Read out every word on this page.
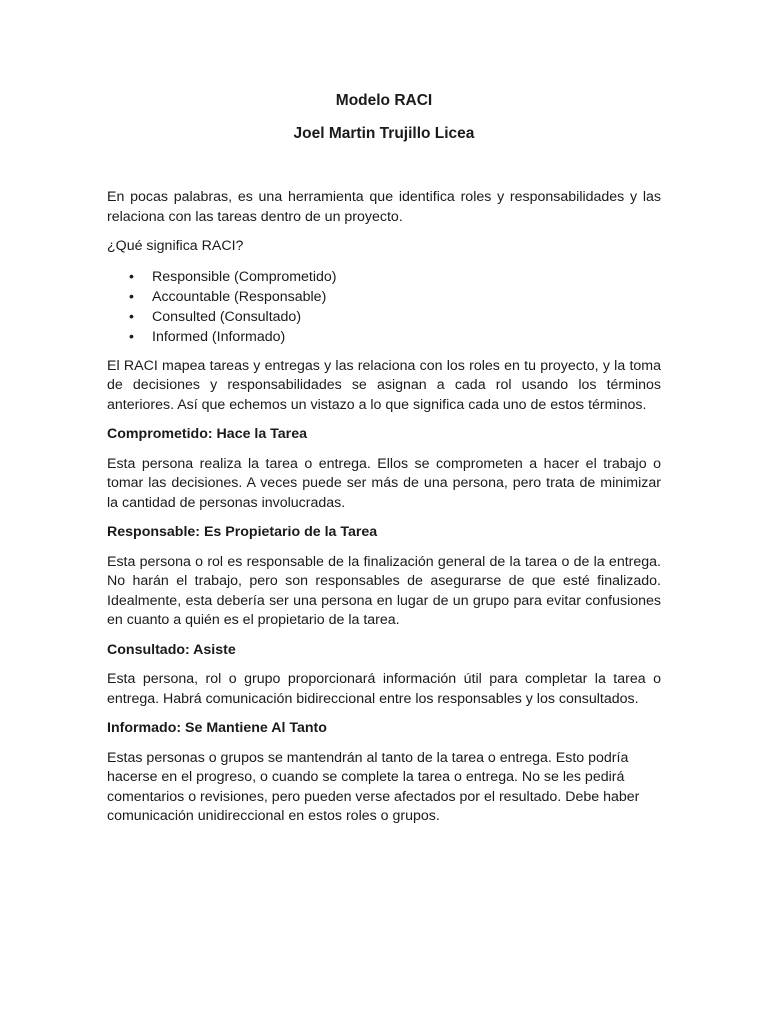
Modelo RACI
Joel Martin Trujillo Licea

En pocas palabras, es una herramienta que identifica roles y responsabilidades y las relaciona con las tareas dentro de un proyecto.

¿Qué significa RACI?

• Responsible (Comprometido)
• Accountable (Responsable)
• Consulted (Consultado)
• Informed (Informado)

El RACI mapea tareas y entregas y las relaciona con los roles en tu proyecto, y la toma de decisiones y responsabilidades se asignan a cada rol usando los términos anteriores. Así que echemos un vistazo a lo que significa cada uno de estos términos.

Comprometido: Hace la Tarea

Esta persona realiza la tarea o entrega. Ellos se comprometen a hacer el trabajo o tomar las decisiones. A veces puede ser más de una persona, pero trata de minimizar la cantidad de personas involucradas.

Responsable: Es Propietario de la Tarea

Esta persona o rol es responsable de la finalización general de la tarea o de la entrega. No harán el trabajo, pero son responsables de asegurarse de que esté finalizado. Idealmente, esta debería ser una persona en lugar de un grupo para evitar confusiones en cuanto a quién es el propietario de la tarea.

Consultado: Asiste

Esta persona, rol o grupo proporcionará información útil para completar la tarea o entrega. Habrá comunicación bidireccional entre los responsables y los consultados.

Informado: Se Mantiene Al Tanto

Estas personas o grupos se mantendrán al tanto de la tarea o entrega. Esto podría hacerse en el progreso, o cuando se complete la tarea o entrega. No se les pedirá comentarios o revisiones, pero pueden verse afectados por el resultado. Debe haber comunicación unidireccional en estos roles o grupos.
